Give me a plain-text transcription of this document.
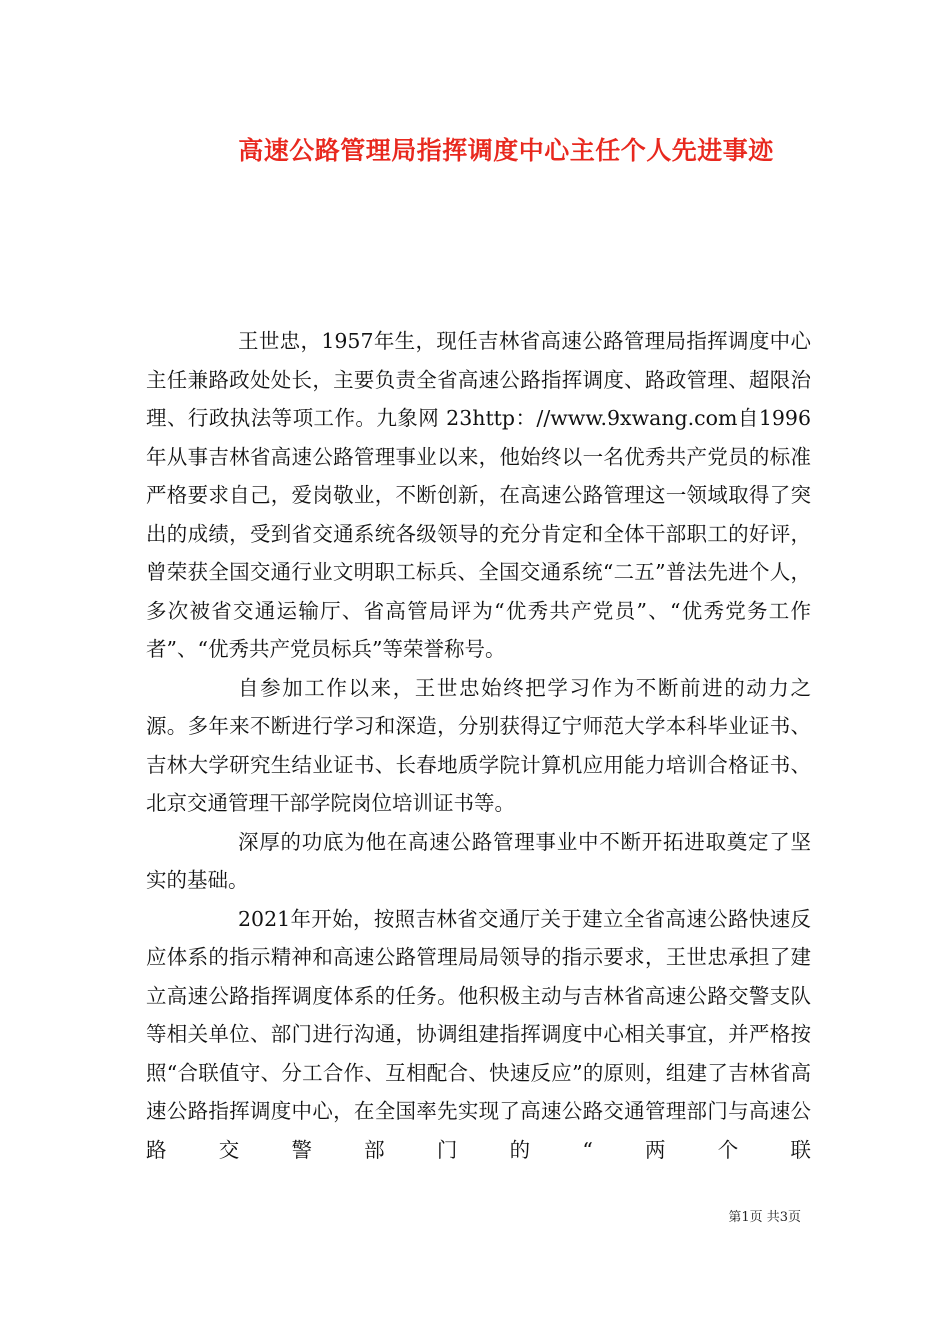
高速公路管理局指挥调度中心主任个人先进事迹

王世忠，1957年生，现任吉林省高速公路管理局指挥调度中心主任兼路政处处长，主要负责全省高速公路指挥调度、路政管理、超限治理、行政执法等项工作。九象网 23http：//www.9xwang.com自1996年从事吉林省高速公路管理事业以来，他始终以一名优秀共产党员的标准严格要求自己，爱岗敬业，不断创新，在高速公路管理这一领域取得了突出的成绩，受到省交通系统各级领导的充分肯定和全体干部职工的好评，曾荣获全国交通行业文明职工标兵、全国交通系统“二五”普法先进个人，多次被省交通运输厅、省高管局评为“优秀共产党员”、“优秀党务工作者”、“优秀共产党员标兵”等荣誉称号。

自参加工作以来，王世忠始终把学习作为不断前进的动力之源。多年来不断进行学习和深造，分别获得辽宁师范大学本科毕业证书、吉林大学研究生结业证书、长春地质学院计算机应用能力培训合格证书、北京交通管理干部学院岗位培训证书等。

深厚的功底为他在高速公路管理事业中不断开拓进取奠定了坚实的基础。

2021年开始，按照吉林省交通厅关于建立全省高速公路快速反应体系的指示精神和高速公路管理局局领导的指示要求，王世忠承担了建立高速公路指挥调度体系的任务。他积极主动与吉林省高速公路交警支队等相关单位、部门进行沟通，协调组建指挥调度中心相关事宜，并严格按照“合联值守、分工合作、互相配合、快速反应”的原则，组建了吉林省高速公路指挥调度中心，在全国率先实现了高速公路交通管理部门与高速公路交警部门的“两个联

第1页 共3页
